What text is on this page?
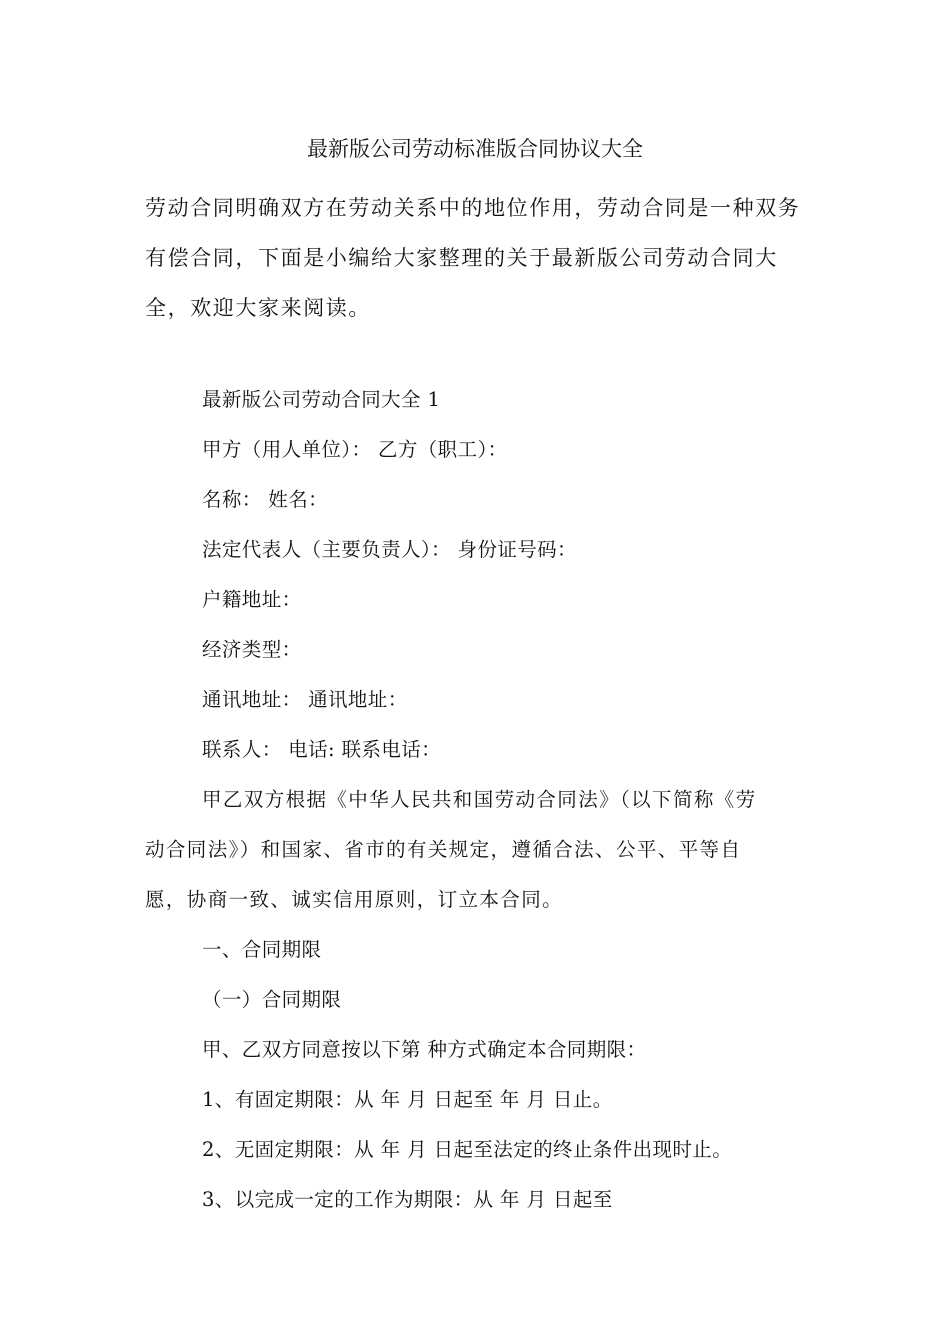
最新版公司劳动标准版合同协议大全
劳动合同明确双方在劳动关系中的地位作用，劳动合同是一种双务
有偿合同，下面是小编给大家整理的关于最新版公司劳动合同大
全，欢迎大家来阅读。
最新版公司劳动合同大全 1
甲方（用人单位）： 乙方（职工）：
名称： 姓名：
法定代表人（主要负责人）： 身份证号码：
户籍地址：
经济类型：
通讯地址： 通讯地址：
联系人： 电话: 联系电话：
甲乙双方根据《中华人民共和国劳动合同法》（以下简称《劳
动合同法》）和国家、省市的有关规定，遵循合法、公平、平等自
愿，协商一致、诚实信用原则，订立本合同。
一、合同期限
（一）合同期限
甲、乙双方同意按以下第 种方式确定本合同期限：
1、有固定期限：从 年 月 日起至 年 月 日止。
2、无固定期限：从 年 月 日起至法定的终止条件出现时止。
3、以完成一定的工作为期限：从 年 月 日起至
